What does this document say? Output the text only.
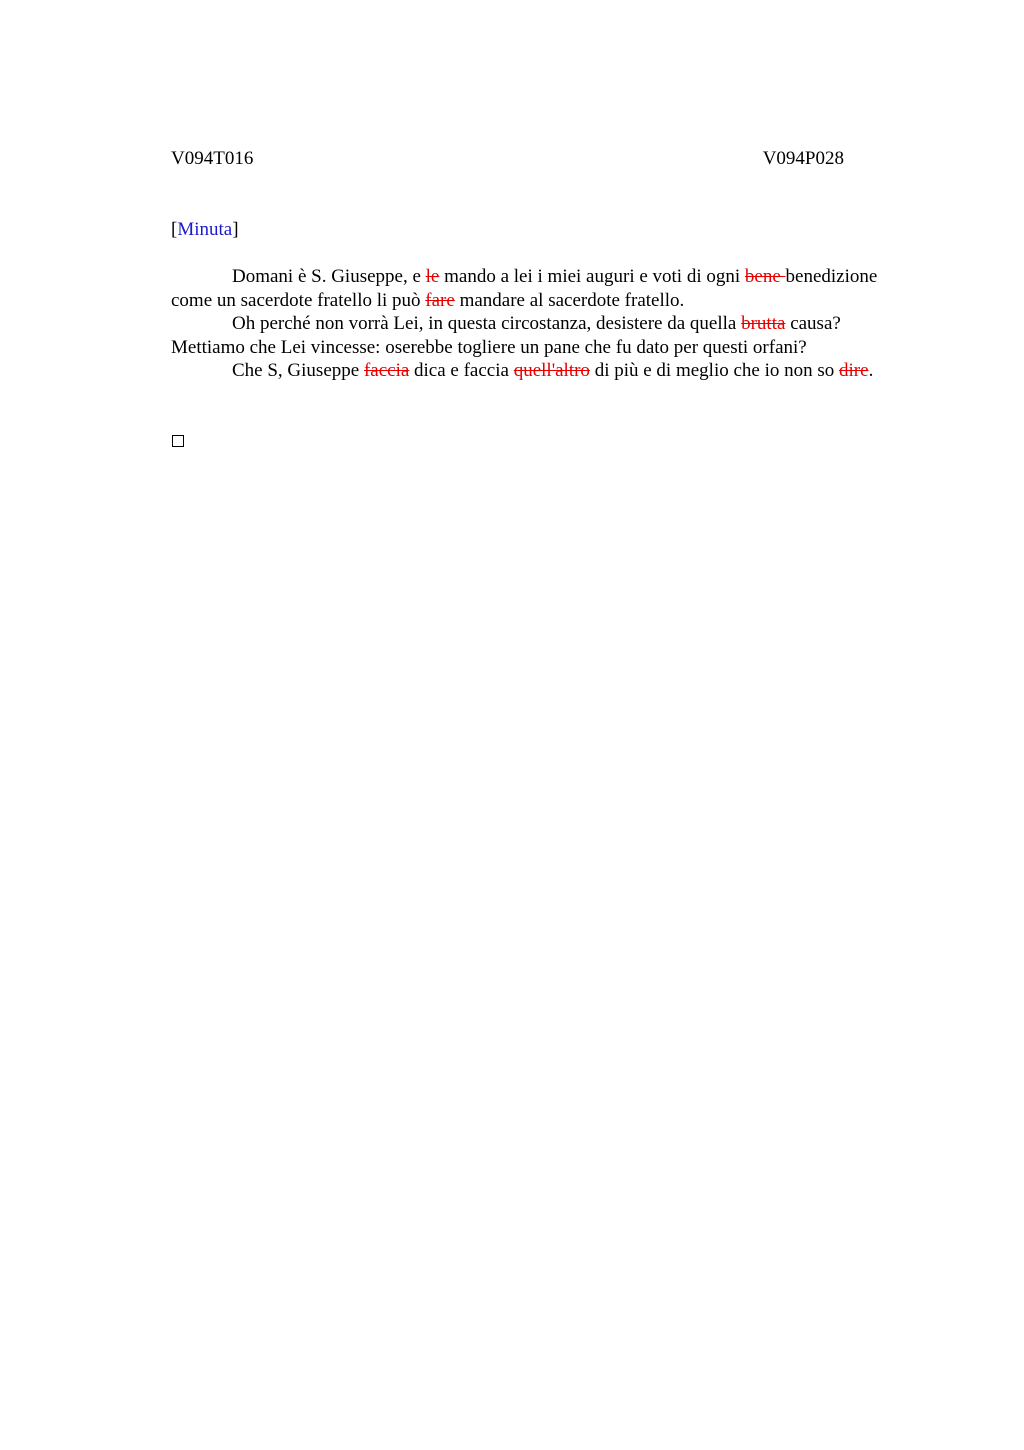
V094T016	V094P028
[Minuta]

Domani è S. Giuseppe, e le mando a lei i miei auguri e voti di ogni bene benedizione come un sacerdote fratello li può fare mandare al sacerdote fratello.

Oh perché non vorrà Lei, in questa circostanza, desistere da quella brutta causa? Mettiamo che Lei vincesse: oserebbe togliere un pane che fu dato per questi orfani?

Che S, Giuseppe faccia dica e faccia quell'altro di più e di meglio che io non so dire.
